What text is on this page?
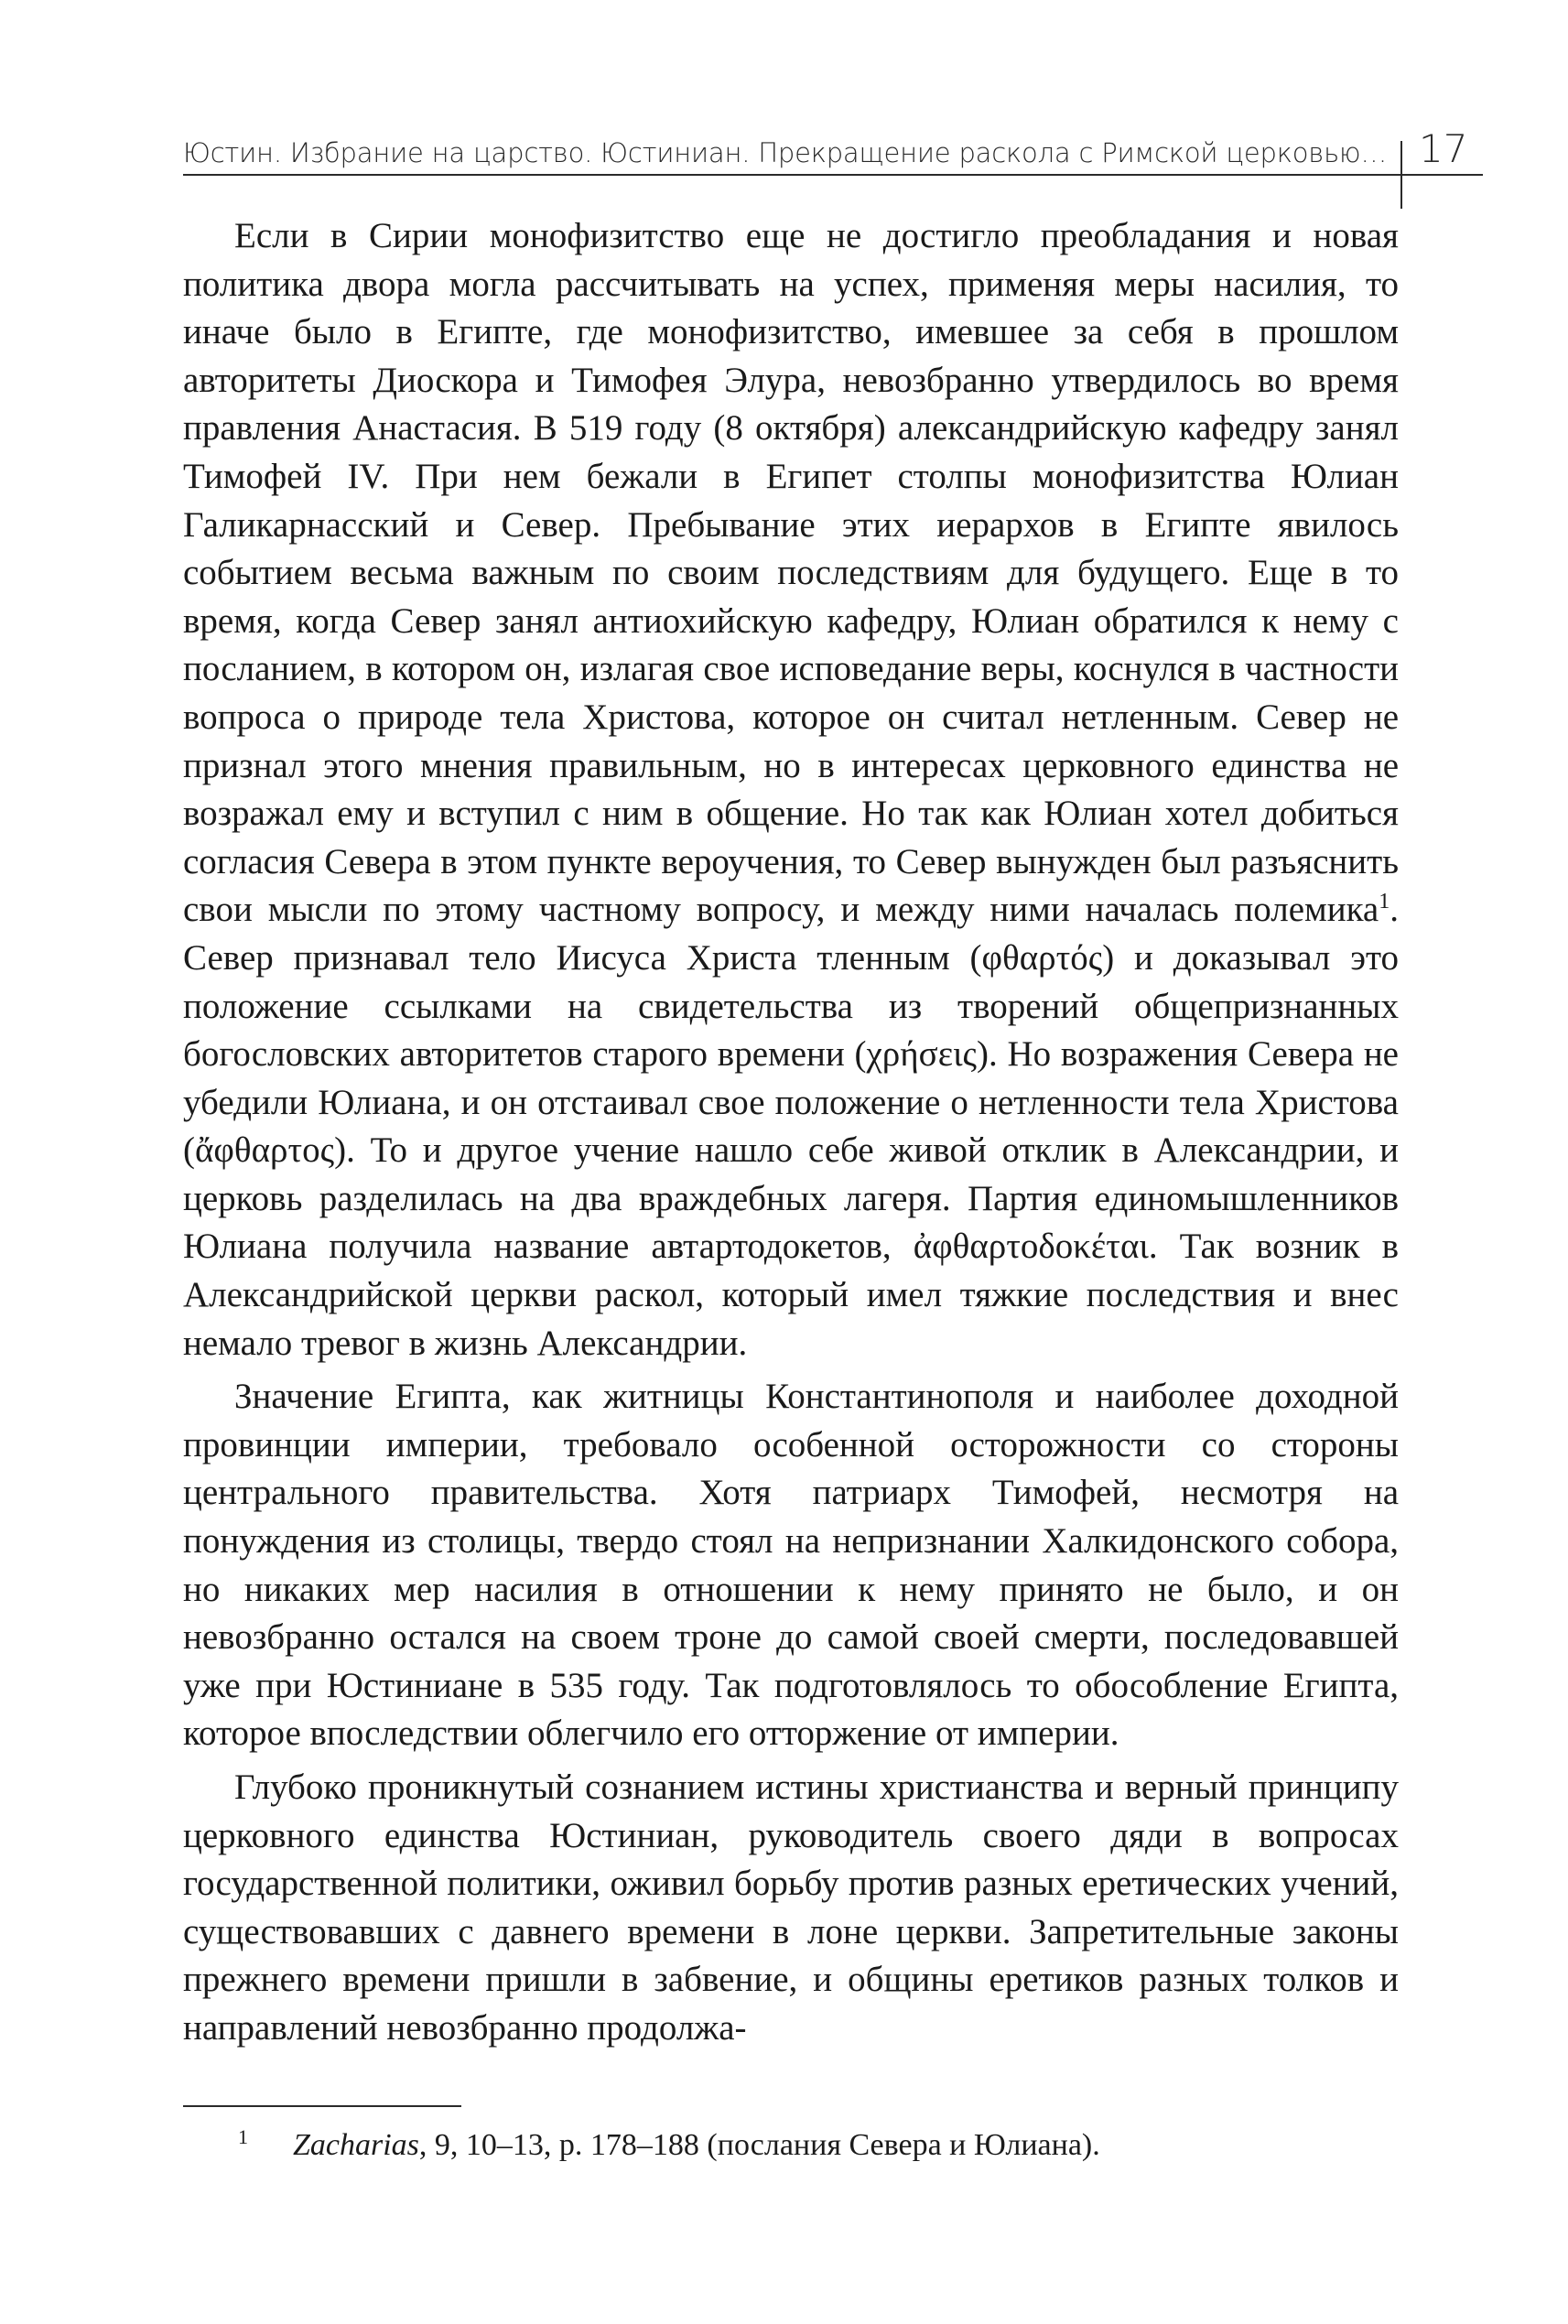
Юстин. Избрание на царство. Юстиниан. Прекращение раскола с Римской церковью… 17

Если в Сирии монофизитство еще не достигло преобладания и новая политика двора могла рассчитывать на успех, применяя меры насилия, то иначе было в Египте, где монофизитство, имевшее за себя в прошлом авторитеты Диоскора и Тимофея Элура, невозбранно утвердилось во время правления Анастасия. В 519 году (8 октября) александрийскую кафедру занял Тимофей IV. При нем бежали в Египет столпы монофизитства Юлиан Галикарнасский и Север. Пребывание этих иерархов в Египте явилось событием весьма важным по своим последствиям для будущего. Еще в то время, когда Север занял антиохийскую кафедру, Юлиан обратился к нему с посланием, в котором он, излагая свое исповедание веры, коснулся в частности вопроса о природе тела Христова, которое он считал нетленным. Север не признал этого мнения правильным, но в интересах церковного единства не возражал ему и вступил с ним в общение. Но так как Юлиан хотел добиться согласия Севера в этом пункте вероучения, то Север вынужден был разъяснить свои мысли по этому частному вопросу, и между ними началась полемика$^1$. Север признавал тело Иисуса Христа тленным (φθαρτός) и доказывал это положение ссылками на свидетельства из творений общепризнанных богословских авторитетов старого времени (χρήσεις). Но возражения Севера не убедили Юлиана, и он отстаивал свое положение о нетленности тела Христова (ἄφθαρτος). То и другое учение нашло себе живой отклик в Александрии, и церковь разделилась на два враждебных лагеря. Партия единомышленников Юлиана получила название автартодокетов, ἀφθαρτοδοκέται. Так возник в Александрийской церкви раскол, который имел тяжкие последствия и внес немало тревог в жизнь Александрии.

Значение Египта, как житницы Константинополя и наиболее доходной провинции империи, требовало особенной осторожности со стороны центрального правительства. Хотя патриарх Тимофей, несмотря на понуждения из столицы, твердо стоял на непризнании Халкидонского собора, но никаких мер насилия в отношении к нему принято не было, и он невозбранно остался на своем троне до самой своей смерти, последовавшей уже при Юстиниане в 535 году. Так подготовлялось то обособление Египта, которое впоследствии облегчило его отторжение от империи.

Глубоко проникнутый сознанием истины христианства и верный принципу церковного единства Юстиниан, руководитель своего дяди в вопросах государственной политики, оживил борьбу против разных еретических учений, существовавших с давнего времени в лоне церкви. Запретительные законы прежнего времени пришли в забвение, и общины еретиков разных толков и направлений невозбранно продолжа-

1 Zacharias, 9, 10–13, p. 178–188 (послания Севера и Юлиана).
